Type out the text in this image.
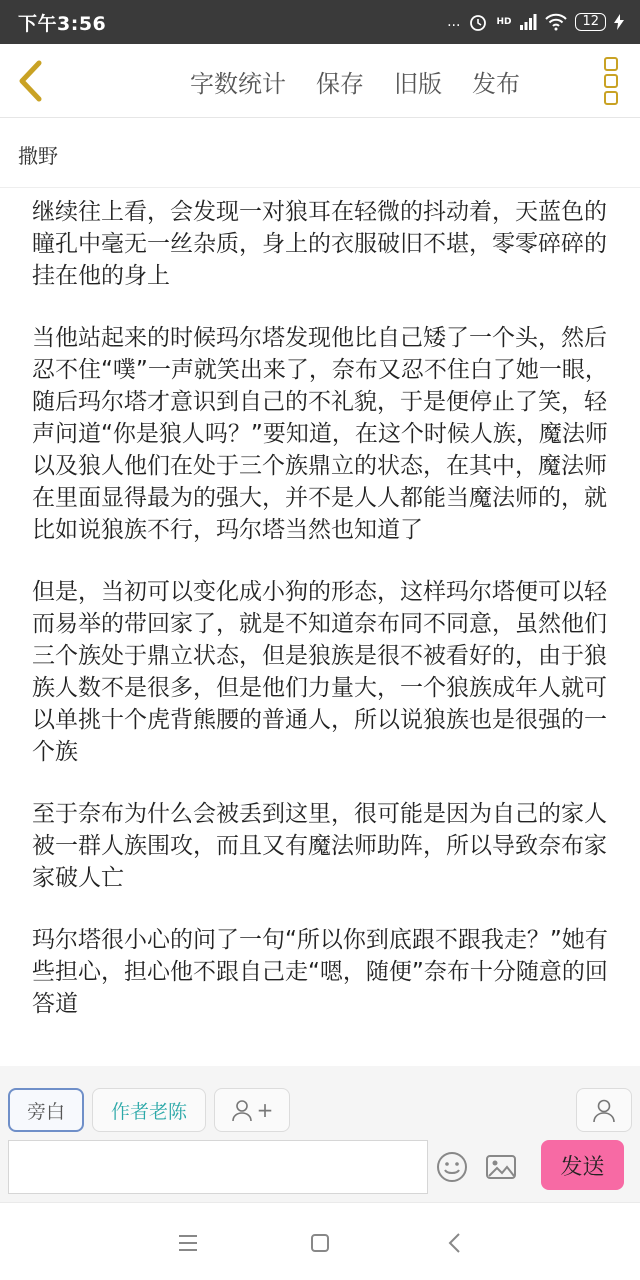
下午3:56	...	HD	12
字数统计 保存 旧版 发布
撒野

继续往上看，会发现一对狼耳在轻微的抖动着，天蓝色的瞳孔中毫无一丝杂质，身上的衣服破旧不堪，零零碎碎的挂在他的身上

当他站起来的时候玛尔塔发现他比自己矮了一个头，然后忍不住“噗”一声就笑出来了，奈布又忍不住白了她一眼，随后玛尔塔才意识到自己的不礼貌，于是便停止了笑，轻声问道“你是狼人吗？”要知道，在这个时候人族，魔法师以及狼人他们在处于三个族鼎立的状态，在其中，魔法师在里面显得最为的强大，并不是人人都能当魔法师的，就比如说狼族不行，玛尔塔当然也知道了

但是，当初可以变化成小狗的形态，这样玛尔塔便可以轻而易举的带回家了，就是不知道奈布同不同意，虽然他们三个族处于鼎立状态，但是狼族是很不被看好的，由于狼族人数不是很多，但是他们力量大，一个狼族成年人就可以单挑十个虎背熊腰的普通人，所以说狼族也是很强的一个族

至于奈布为什么会被丢到这里，很可能是因为自己的家人被一群人族围攻，而且又有魔法师助阵，所以导致奈布家家破人亡

玛尔塔很小心的问了一句“所以你到底跟不跟我走？”她有些担心，担心他不跟自己走“嗯，随便”奈布十分随意的回答道

旁白	作者老陈	+
发送
